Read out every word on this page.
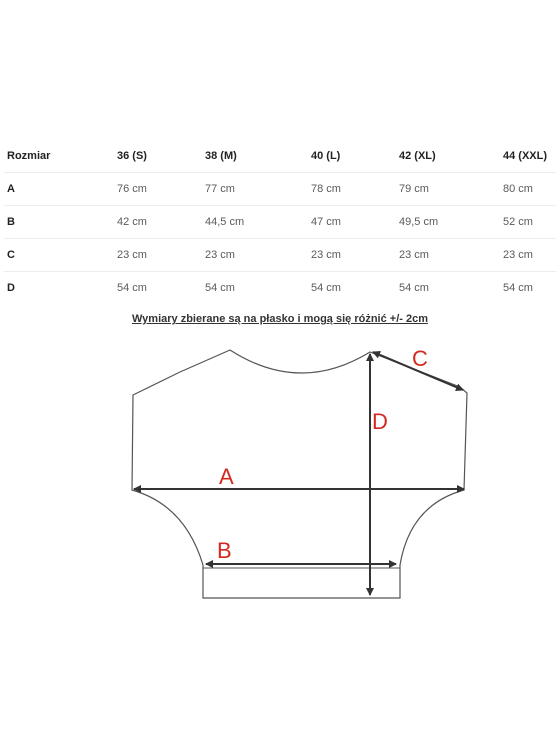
Rozmiar	36 (S)	38 (M)	40 (L)	42 (XL)	44 (XXL)
A	76 cm	77 cm	78 cm	79 cm	80 cm
B	42 cm	44,5 cm	47 cm	49,5 cm	52 cm
C	23 cm	23 cm	23 cm	23 cm	23 cm
D	54 cm	54 cm	54 cm	54 cm	54 cm
Wymiary zbierane są na płasko i mogą się różnić +/- 2cm
A
B
C
D
